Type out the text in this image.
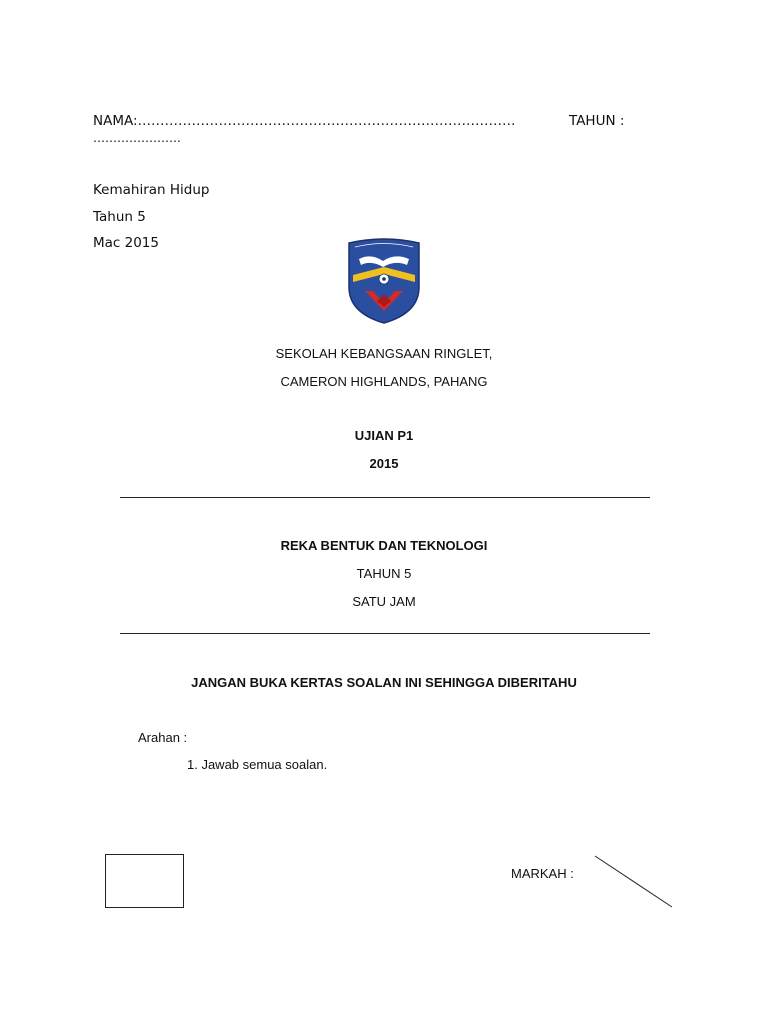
NAMA:…………………………………………………………………………	TAHUN :
………………….
Kemahiran Hidup
Tahun 5
Mac 2015
SEKOLAH KEBANGSAAN RINGLET,
CAMERON HIGHLANDS, PAHANG
UJIAN P1
2015
REKA BENTUK DAN TEKNOLOGI
TAHUN 5
SATU JAM
JANGAN BUKA KERTAS SOALAN INI SEHINGGA DIBERITAHU
Arahan :
1. Jawab semua soalan.
MARKAH :
